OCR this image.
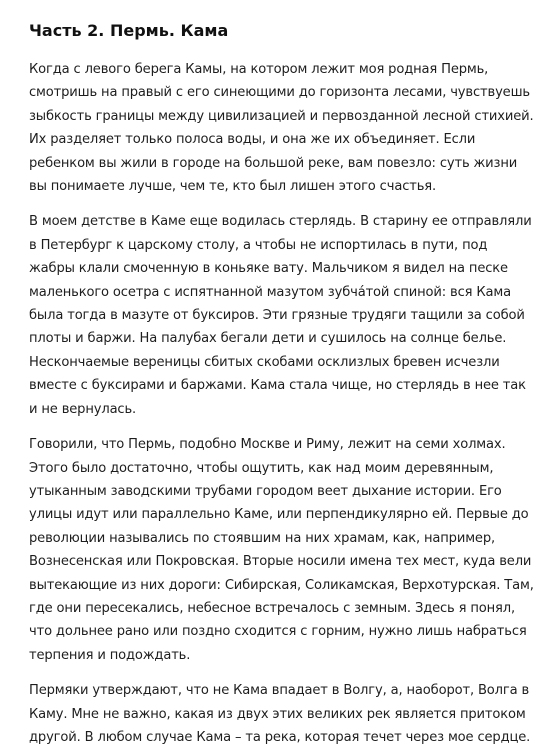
Часть 2. Пермь. Кама

Когда с левого берега Камы, на котором лежит моя родная Пермь, смотришь на правый с его синеющими до горизонта лесами, чувствуешь зыбкость границы между цивилизацией и первозданной лесной стихией. Их разделяет только полоса воды, и она же их объединяет. Если ребенком вы жили в городе на большой реке, вам повезло: суть жизни вы понимаете лучше, чем те, кто был лишен этого счастья.

В моем детстве в Каме еще водилась стерлядь. В старину ее отправляли в Петербург к царскому столу, а чтобы не испортилась в пути, под жабры клали смоченную в коньяке вату. Мальчиком я видел на песке маленького осетра с испятнанной мазутом зубча́той спиной: вся Кама была тогда в мазуте от буксиров. Эти грязные трудяги тащили за собой плоты и баржи. На палубах бегали дети и сушилось на солнце белье. Нескончаемые вереницы сбитых скобами осклизлых бревен исчезли вместе с буксирами и баржами. Кама стала чище, но стерлядь в нее так и не вернулась.

Говорили, что Пермь, подобно Москве и Риму, лежит на семи холмах. Этого было достаточно, чтобы ощутить, как над моим деревянным, утыканным заводскими трубами городом веет дыхание истории. Его улицы идут или параллельно Каме, или перпендикулярно ей. Первые до революции назывались по стоявшим на них храмам, как, например, Вознесенская или Покровская. Вторые носили имена тех мест, куда вели вытекающие из них дороги: Сибирская, Соликамская, Верхотурская. Там, где они пересекались, небесное встречалось с земным. Здесь я понял, что дольнее рано или поздно сходится с горним, нужно лишь набраться терпения и подождать.

Пермяки утверждают, что не Кама впадает в Волгу, а, наоборот, Волга в Каму. Мне не важно, какая из двух этих великих рек является притоком другой. В любом случае Кама – та река, которая течет через мое сердце.
